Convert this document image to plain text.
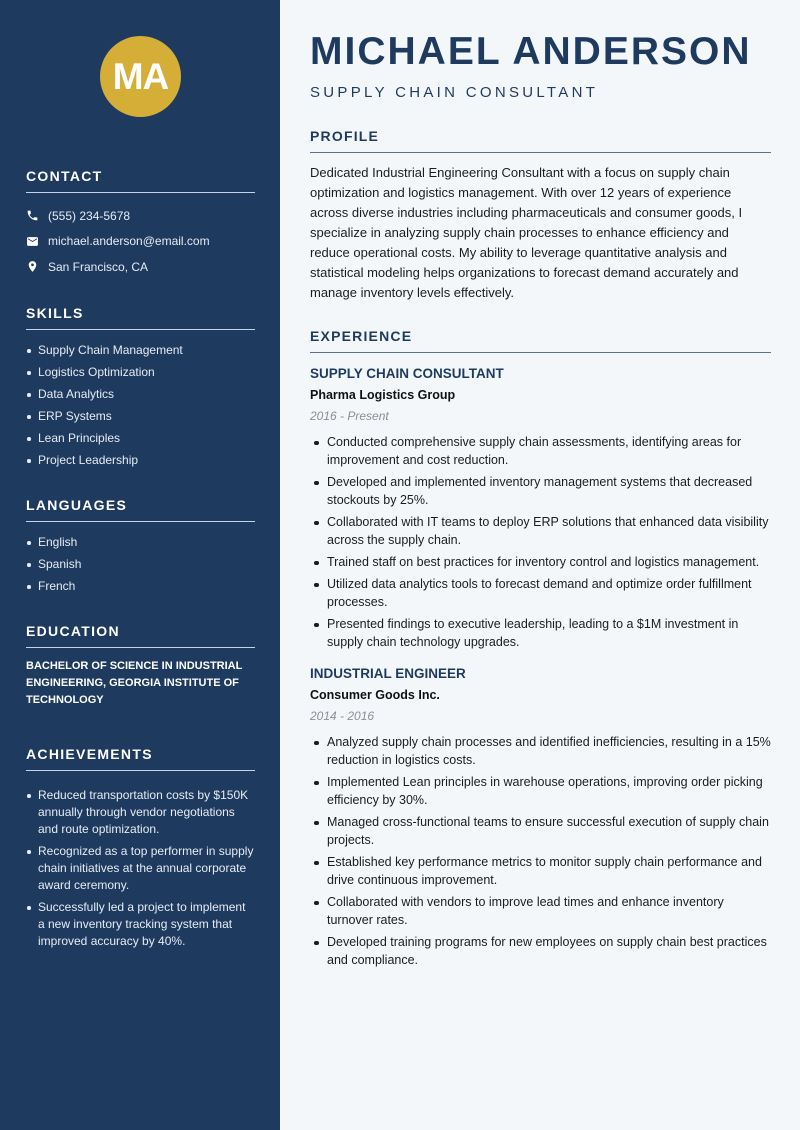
MA
CONTACT
(555) 234-5678
michael.anderson@email.com
San Francisco, CA
SKILLS
Supply Chain Management
Logistics Optimization
Data Analytics
ERP Systems
Lean Principles
Project Leadership
LANGUAGES
English
Spanish
French
EDUCATION

BACHELOR OF SCIENCE IN INDUSTRIAL ENGINEERING, GEORGIA INSTITUTE OF TECHNOLOGY

ACHIEVEMENTS
Reduced transportation costs by $150K annually through vendor negotiations and route optimization.
Recognized as a top performer in supply chain initiatives at the annual corporate award ceremony.
Successfully led a project to implement a new inventory tracking system that improved accuracy by 40%.
MICHAEL ANDERSON
SUPPLY CHAIN CONSULTANT
PROFILE

Dedicated Industrial Engineering Consultant with a focus on supply chain optimization and logistics management. With over 12 years of experience across diverse industries including pharmaceuticals and consumer goods, I specialize in analyzing supply chain processes to enhance efficiency and reduce operational costs. My ability to leverage quantitative analysis and statistical modeling helps organizations to forecast demand accurately and manage inventory levels effectively.

EXPERIENCE
SUPPLY CHAIN CONSULTANT
Pharma Logistics Group
2016 - Present
Conducted comprehensive supply chain assessments, identifying areas for improvement and cost reduction.
Developed and implemented inventory management systems that decreased stockouts by 25%.
Collaborated with IT teams to deploy ERP solutions that enhanced data visibility across the supply chain.
Trained staff on best practices for inventory control and logistics management.
Utilized data analytics tools to forecast demand and optimize order fulfillment processes.
Presented findings to executive leadership, leading to a $1M investment in supply chain technology upgrades.
INDUSTRIAL ENGINEER
Consumer Goods Inc.
2014 - 2016
Analyzed supply chain processes and identified inefficiencies, resulting in a 15% reduction in logistics costs.
Implemented Lean principles in warehouse operations, improving order picking efficiency by 30%.
Managed cross-functional teams to ensure successful execution of supply chain projects.
Established key performance metrics to monitor supply chain performance and drive continuous improvement.
Collaborated with vendors to improve lead times and enhance inventory turnover rates.
Developed training programs for new employees on supply chain best practices and compliance.
